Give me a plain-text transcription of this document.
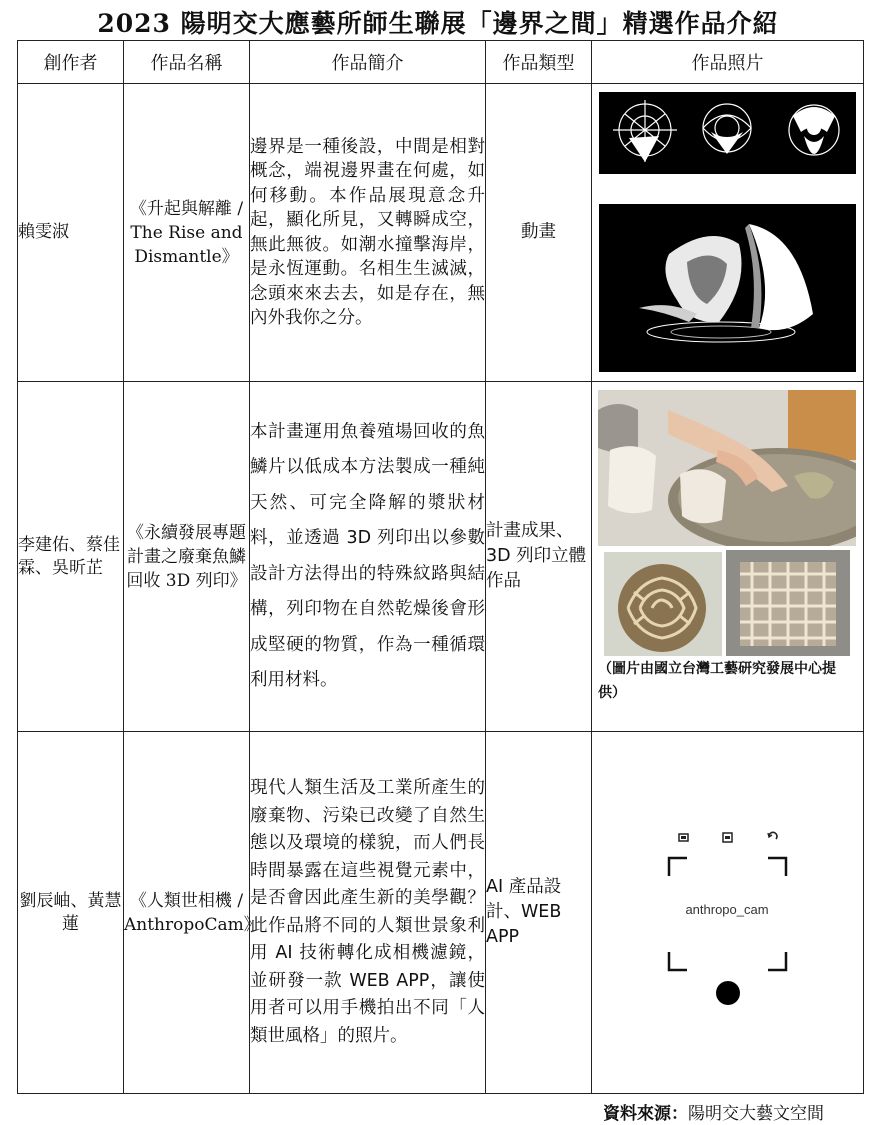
2023 陽明交大應藝所師生聯展「邊界之間」精選作品介紹
創作者	作品名稱	作品簡介	作品類型	作品照片
賴雯淑	《升起與解離 / The Rise and Dismantle》	邊界是一種後設，中間是相對概念，端視邊界畫在何處，如何移動。本作品展現意念升起，顯化所見，又轉瞬成空，無此無彼。如潮水撞擊海岸，是永恆運動。名相生生滅滅，念頭來來去去，如是存在，無內外我你之分。	動畫	

李建佑、蔡佳霖、吳昕芷	《永續發展專題計畫之廢棄魚鱗回收 3D 列印》	本計畫運用魚養殖場回收的魚鱗片以低成本方法製成一種純天然、可完全降解的漿狀材料，並透過 3D 列印出以參數設計方法得出的特殊紋路與結構，列印物在自然乾燥後會形成堅硬的物質，作為一種循環利用材料。	計畫成果、3D 列印立體作品	（圖片由國立台灣工藝研究發展中心提供）

劉辰岫、黃慧蓮	《人類世相機 / AnthropoCam》	現代人類生活及工業所產生的廢棄物、污染已改變了自然生態以及環境的樣貌，而人們長時間暴露在這些視覺元素中，是否會因此產生新的美學觀？此作品將不同的人類世景象利用 AI 技術轉化成相機濾鏡，並研發一款 WEB APP，讓使用者可以用手機拍出不同「人類世風格」的照片。	AI 產品設計、WEB APP	anthropo_cam
資料來源：陽明交大藝文空間
